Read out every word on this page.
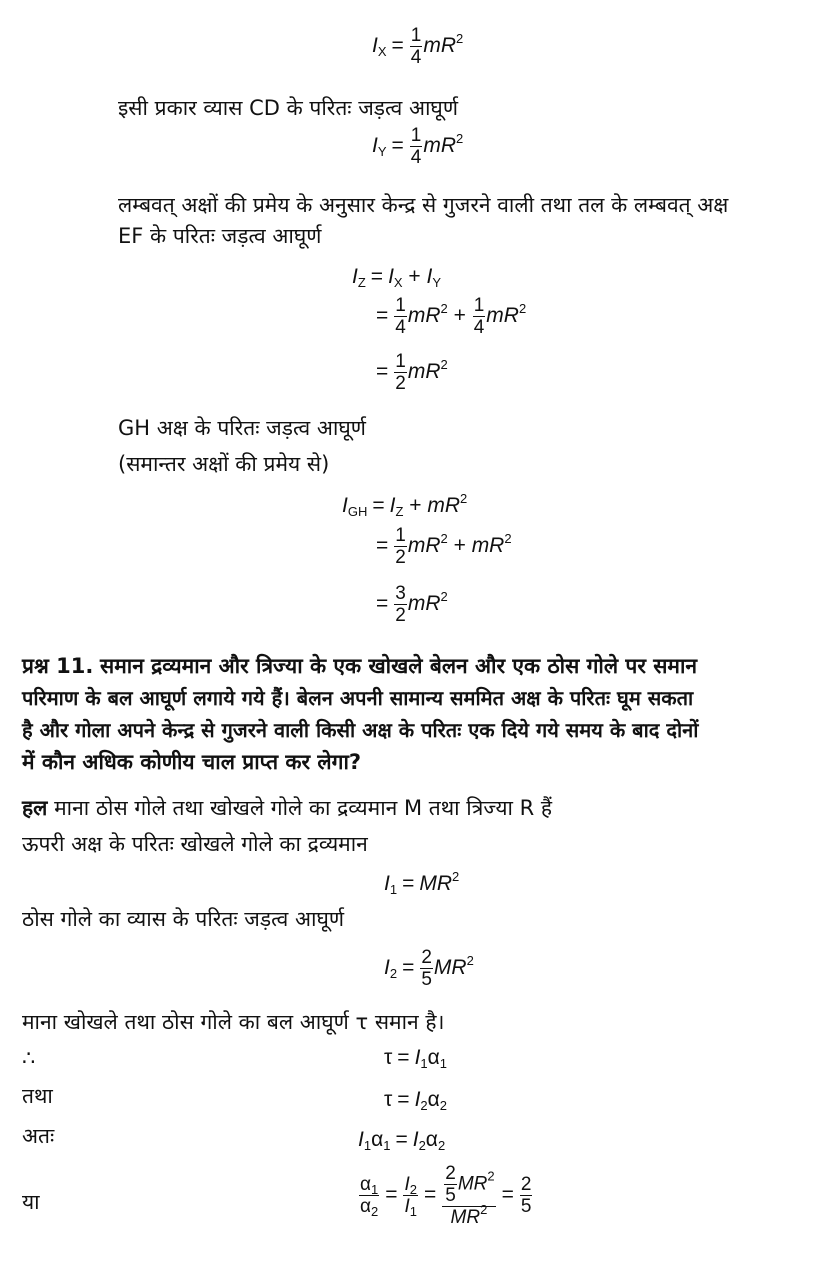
$I_X = \frac{1}{4} mR^2$
इसी प्रकार व्यास CD के परितः जड़त्व आघूर्ण
$I_Y = \frac{1}{4} mR^2$
लम्बवत् अक्षों की प्रमेय के अनुसार केन्द्र से गुजरने वाली तथा तल के लम्बवत् अक्ष
EF के परितः जड़त्व आघूर्ण
$I_Z = I_X + I_Y$
= $\frac{1}{4} mR^2 + \frac{1}{4} mR^2$
= $\frac{1}{2} mR^2$
GH अक्ष के परितः जड़त्व आघूर्ण
(समान्तर अक्षों की प्रमेय से)
$I_{GH} = I_Z + mR^2$
= $\frac{1}{2} mR^2 + mR^2$
= $\frac{3}{2} mR^2$
प्रश्न 11. समान द्रव्यमान और त्रिज्या के एक खोखले बेलन और एक ठोस गोले पर समान
परिमाण के बल आघूर्ण लगाये गये हैं। बेलन अपनी सामान्य सममित अक्ष के परितः घूम सकता
है और गोला अपने केन्द्र से गुजरने वाली किसी अक्ष के परितः एक दिये गये समय के बाद दोनों
में कौन अधिक कोणीय चाल प्राप्त कर लेगा?
हल माना ठोस गोले तथा खोखले गोले का द्रव्यमान M तथा त्रिज्या R हैं
ऊपरी अक्ष के परितः खोखले गोले का द्रव्यमान
$I_1 = MR^2$
ठोस गोले का व्यास के परितः जड़त्व आघूर्ण
$I_2 = \frac{2}{5} MR^2$
माना खोखले तथा ठोस गोले का बल आघूर्ण τ समान है।
∴	$\tau = I_1\alpha_1$
तथा	$\tau = I_2\alpha_2$
अतः	$I_1\alpha_1 = I_2\alpha_2$
या	$\frac{\alpha_1}{\alpha_2} = \frac{I_2}{I_1} = \frac{\frac{2}{5} MR^2}{MR^2} = \frac{2}{5}$
